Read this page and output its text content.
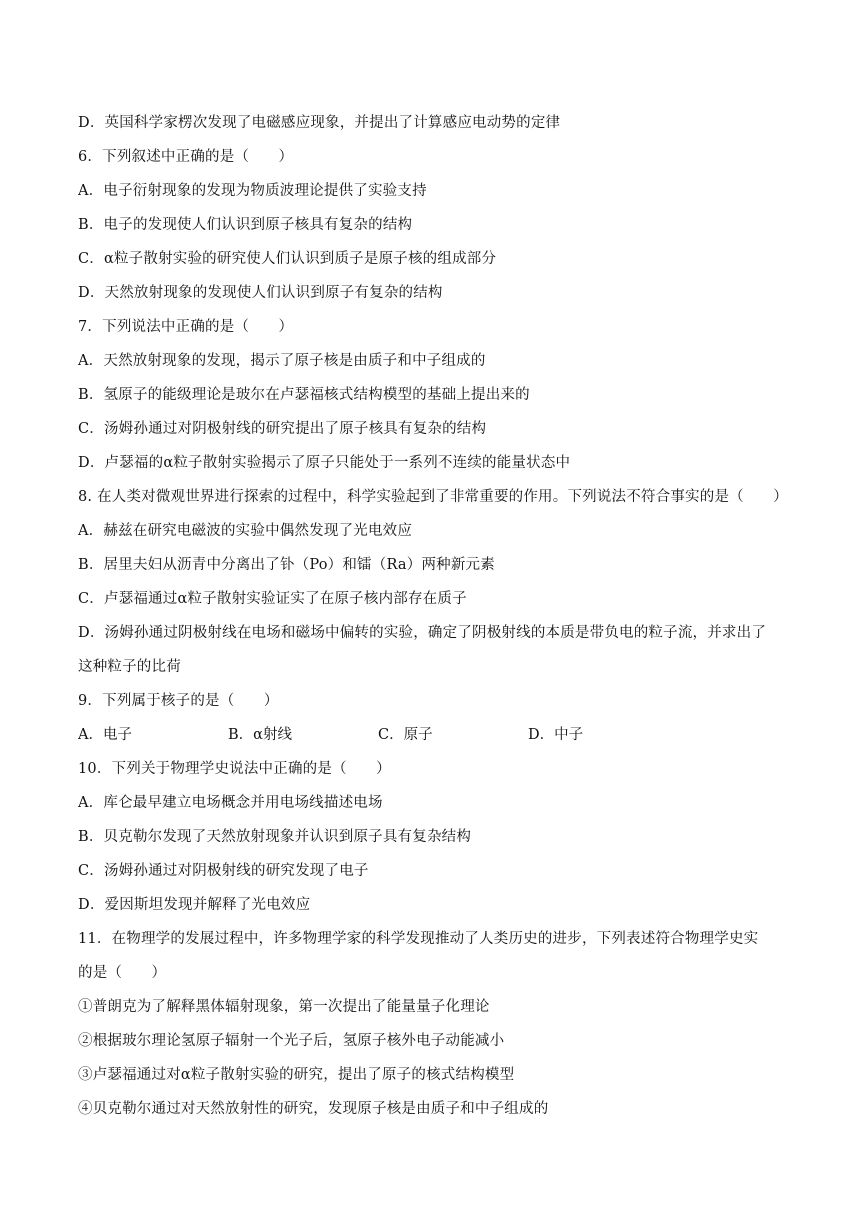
D．英国科学家楞次发现了电磁感应现象，并提出了计算感应电动势的定律
6．下列叙述中正确的是（　　）
A．电子衍射现象的发现为物质波理论提供了实验支持
B．电子的发现使人们认识到原子核具有复杂的结构
C．α粒子散射实验的研究使人们认识到质子是原子核的组成部分
D．天然放射现象的发现使人们认识到原子有复杂的结构
7．下列说法中正确的是（　　）
A．天然放射现象的发现，揭示了原子核是由质子和中子组成的
B．氢原子的能级理论是玻尔在卢瑟福核式结构模型的基础上提出来的
C．汤姆孙通过对阴极射线的研究提出了原子核具有复杂的结构
D．卢瑟福的α粒子散射实验揭示了原子只能处于一系列不连续的能量状态中
8. 在人类对微观世界进行探索的过程中，科学实验起到了非常重要的作用。下列说法不符合事实的是（　　）
A．赫兹在研究电磁波的实验中偶然发现了光电效应
B．居里夫妇从沥青中分离出了钋（Po）和镭（Ra）两种新元素
C．卢瑟福通过α粒子散射实验证实了在原子核内部存在质子
D．汤姆孙通过阴极射线在电场和磁场中偏转的实验，确定了阴极射线的本质是带负电的粒子流，并求出了
这种粒子的比荷
9．下列属于核子的是（　　）
A．电子	B．α射线	C．原子	D．中子
10．下列关于物理学史说法中正确的是（　　）
A．库仑最早建立电场概念并用电场线描述电场
B．贝克勒尔发现了天然放射现象并认识到原子具有复杂结构
C．汤姆孙通过对阴极射线的研究发现了电子
D．爱因斯坦发现并解释了光电效应
11．在物理学的发展过程中，许多物理学家的科学发现推动了人类历史的进步，下列表述符合物理学史实
的是（　　）
①普朗克为了解释黑体辐射现象，第一次提出了能量量子化理论
②根据玻尔理论氢原子辐射一个光子后，氢原子核外电子动能减小
③卢瑟福通过对α粒子散射实验的研究，提出了原子的核式结构模型
④贝克勒尔通过对天然放射性的研究，发现原子核是由质子和中子组成的
